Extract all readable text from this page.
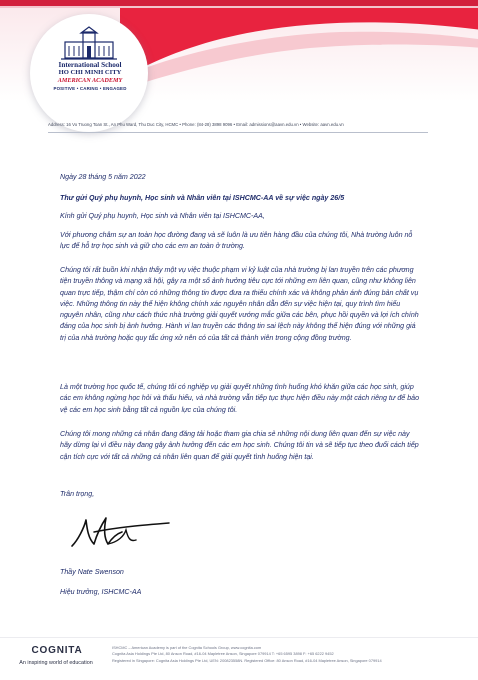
International School
HO CHI MINH CITY
AMERICAN ACADEMY
POSITIVE • CARING • ENGAGED
Address: 16 Vo Truong Toan St., An Phu Ward, Thu Duc City, HCMC • Phone: (84-28) 3898 9096 • Email: admissions@aavn.edu.vn • Website: aavn.edu.vn
Ngày 28 tháng 5 năm 2022
Thư gửi Quý phụ huynh, Học sinh và Nhân viên tại ISHCMC-AA về sự việc ngày 26/5
Kính gửi Quý phụ huynh, Học sinh và Nhân viên tại ISHCMC-AA,
Với phương châm sự an toàn học đường đang và sẽ luôn là ưu tiên hàng đầu của chúng tôi, Nhà trường luôn nỗ lực để hỗ trợ học sinh và giữ cho các em an toàn ở trường.
Chúng tôi rất buồn khi nhận thấy một vụ việc thuộc phạm vi kỷ luật của nhà trường bị lan truyền trên các phương tiện truyền thông và mạng xã hội, gây ra một số ảnh hưởng tiêu cực tới những em liên quan, cũng như không liên quan trực tiếp, thậm chí còn có những thông tin được đưa ra thiếu chính xác và không phản ánh đúng bản chất vụ việc. Những thông tin này thể hiện không chính xác nguyên nhân dẫn đến sự việc hiện tại, quy trình tìm hiểu nguyên nhân, cũng như cách thức nhà trường giải quyết vướng mắc giữa các bên, phục hồi quyền và lợi ích chính đáng của học sinh bị ảnh hưởng. Hành vi lan truyền các thông tin sai lệch này không thể hiện đúng với những giá trị của nhà trường hoặc quy tắc ứng xử nên có của tất cả thành viên trong cộng đồng trường.
Là một trường học quốc tế, chúng tôi có nghiệp vụ giải quyết những tình huống khó khăn giữa các học sinh, giúp các em không ngừng học hỏi và thấu hiểu, và nhà trường vẫn tiếp tục thực hiện điều này một cách riêng tư để bảo vệ các em học sinh bằng tất cả nguồn lực của chúng tôi.
Chúng tôi mong những cá nhân đang đăng tải hoặc tham gia chia sẻ những nội dung liên quan đến sự việc này hãy dừng lại vì điều này đang gây ảnh hưởng đến các em học sinh. Chúng tôi tin và sẽ tiếp tục theo đuổi cách tiếp cận tích cực với tất cả những cá nhân liên quan để giải quyết tình huống hiện tại.
Trân trọng,
Thầy Nate Swenson
Hiệu trưởng, ISHCMC-AA
COGNITA
An inspiring world of education
ISHCMC – American Academy is part of the Cognita Schools Group, www.cognita.com
Cognita Asia Holdings Pte Ltd, 80 Anson Road, #16-04 Mapletree Anson, Singapore 079914 T: +65 6595 3898 F: +65 6222 9452
Registered in Singapore: Cognita Asia Holdings Pte Ltd, UEN: 200823558N. Registered Office: 80 Anson Road, #16-04 Mapletree Anson, Singapore 079914
